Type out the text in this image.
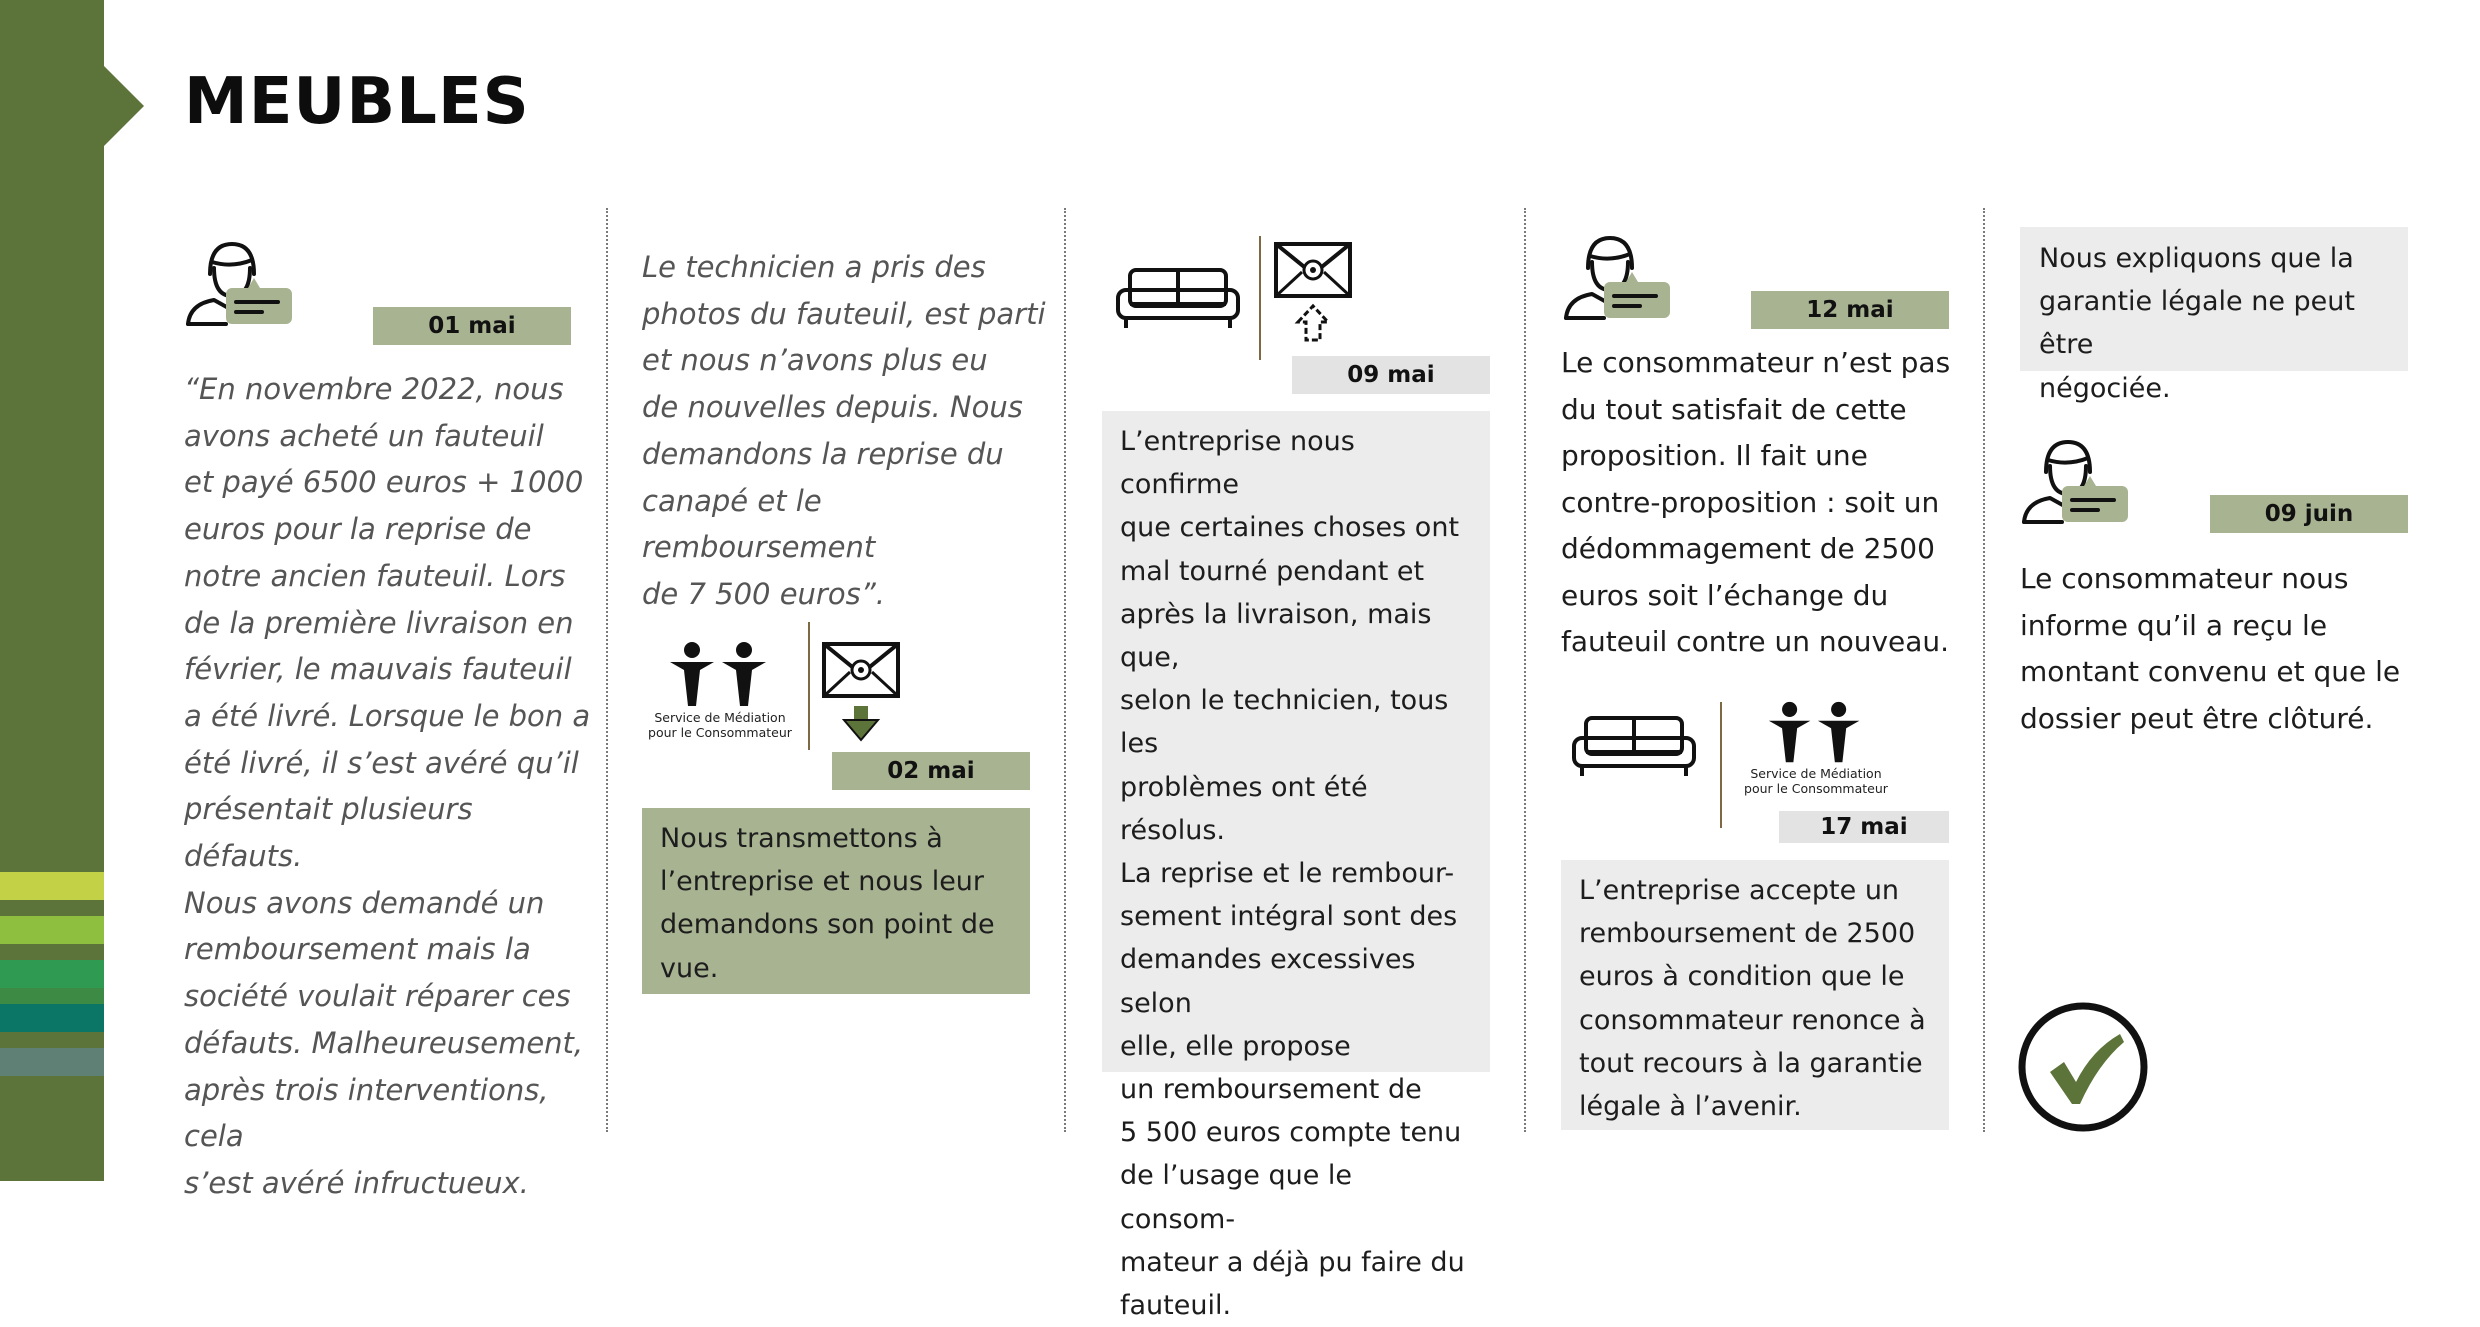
MEUBLES
01 mai
“En novembre 2022, nous
avons acheté un fauteuil
et payé 6500 euros + 1000
euros pour la reprise de
notre ancien fauteuil. Lors
de la première livraison en
février, le mauvais fauteuil
a été livré. Lorsque le bon a
été livré, il s’est avéré qu’il
présentait plusieurs défauts.
Nous avons demandé un
remboursement mais la
société voulait réparer ces
défauts. Malheureusement,
après trois interventions, cela
s’est avéré infructueux.
Le technicien a pris des
photos du fauteuil, est parti
et nous n’avons plus eu
de nouvelles depuis. Nous
demandons la reprise du
canapé et le remboursement
de 7 500 euros”.
Service de Médiation
pour le Consommateur
02 mai
Nous transmettons à
l’entreprise et nous leur
demandons son point de
vue.
09 mai
L’entreprise nous confirme
que certaines choses ont
mal tourné pendant et
après la livraison, mais que,
selon le technicien, tous les
problèmes ont été résolus.
La reprise et le rembour-
sement intégral sont des
demandes excessives selon
elle, elle propose
un remboursement de
5 500 euros compte tenu
de l’usage que le consom-
mateur a déjà pu faire du
fauteuil.
12 mai
Le consommateur n’est pas
du tout satisfait de cette
proposition. Il fait une
contre-proposition : soit un
dédommagement de 2500
euros soit l’échange du
fauteuil contre un nouveau.
Service de Médiation
pour le Consommateur
17 mai
L’entreprise accepte un
remboursement de 2500
euros à condition que le
consommateur renonce à
tout recours à la garantie
légale à l’avenir.
Nous expliquons que la
garantie légale ne peut être
négociée.
09 juin
Le consommateur nous
informe qu’il a reçu le
montant convenu et que le
dossier peut être clôturé.
